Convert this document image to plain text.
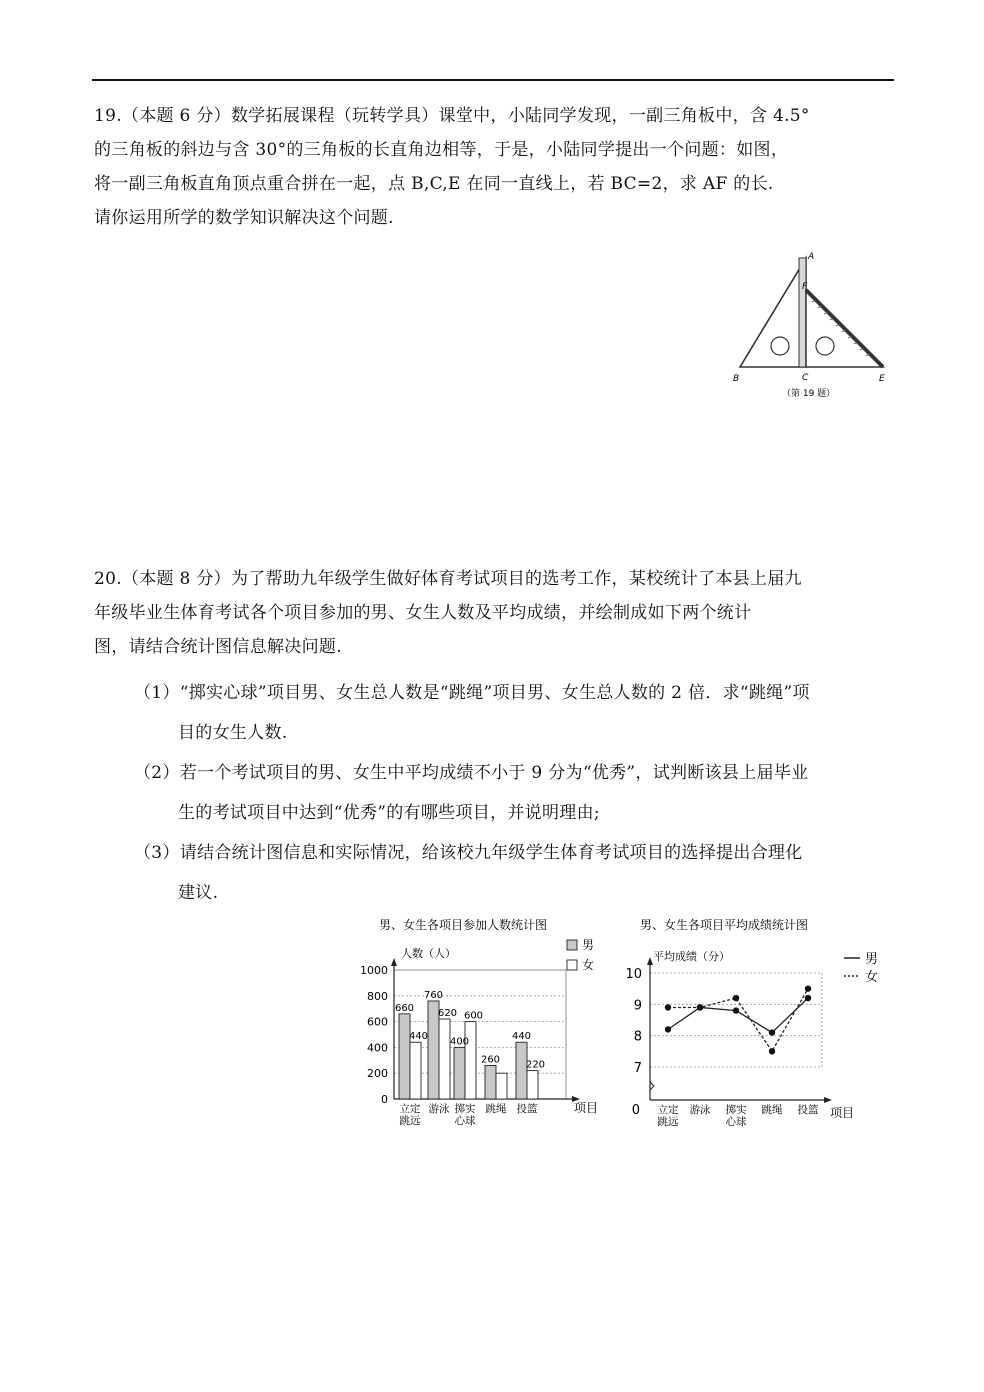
19.（本题 6 分）数学拓展课程（玩转学具）课堂中，小陆同学发现，一副三角板中，含 4.5°
的三角板的斜边与含 30°的三角板的长直角边相等，于是，小陆同学提出一个问题：如图，
将一副三角板直角顶点重合拼在一起，点 B,C,E 在同一直线上，若 BC=2，求 AF 的长.
请你运用所学的数学知识解决这个问题.
A
F
B	C	E
（第 19 题）
20.（本题 8 分）为了帮助九年级学生做好体育考试项目的选考工作，某校统计了本县上届九
年级毕业生体育考试各个项目参加的男、女生人数及平均成绩，并绘制成如下两个统计
图，请结合统计图信息解决问题.
（1）“掷实心球”项目男、女生总人数是“跳绳”项目男、女生总人数的 2 倍．求“跳绳”项
目的女生人数.
（2）若一个考试项目的男、女生中平均成绩不小于 9 分为“优秀”，试判断该县上届毕业
生的考试项目中达到“优秀”的有哪些项目，并说明理由;
（3）请结合统计图信息和实际情况，给该校九年级学生体育考试项目的选择提出合理化
建议.
男、女生各项目参加人数统计图
人数（人）
0
200
400
600
800
1000
项目
660
440
立定
跳远
760
620
游泳
400
600
掷实
心球
260
跳绳
440
220
投篮
男
女
男、女生各项目平均成绩统计图
平均成绩（分）
7
8
9
10
0	项目
立定
跳远
游泳 掷实
心球
跳绳 投篮
男
女
